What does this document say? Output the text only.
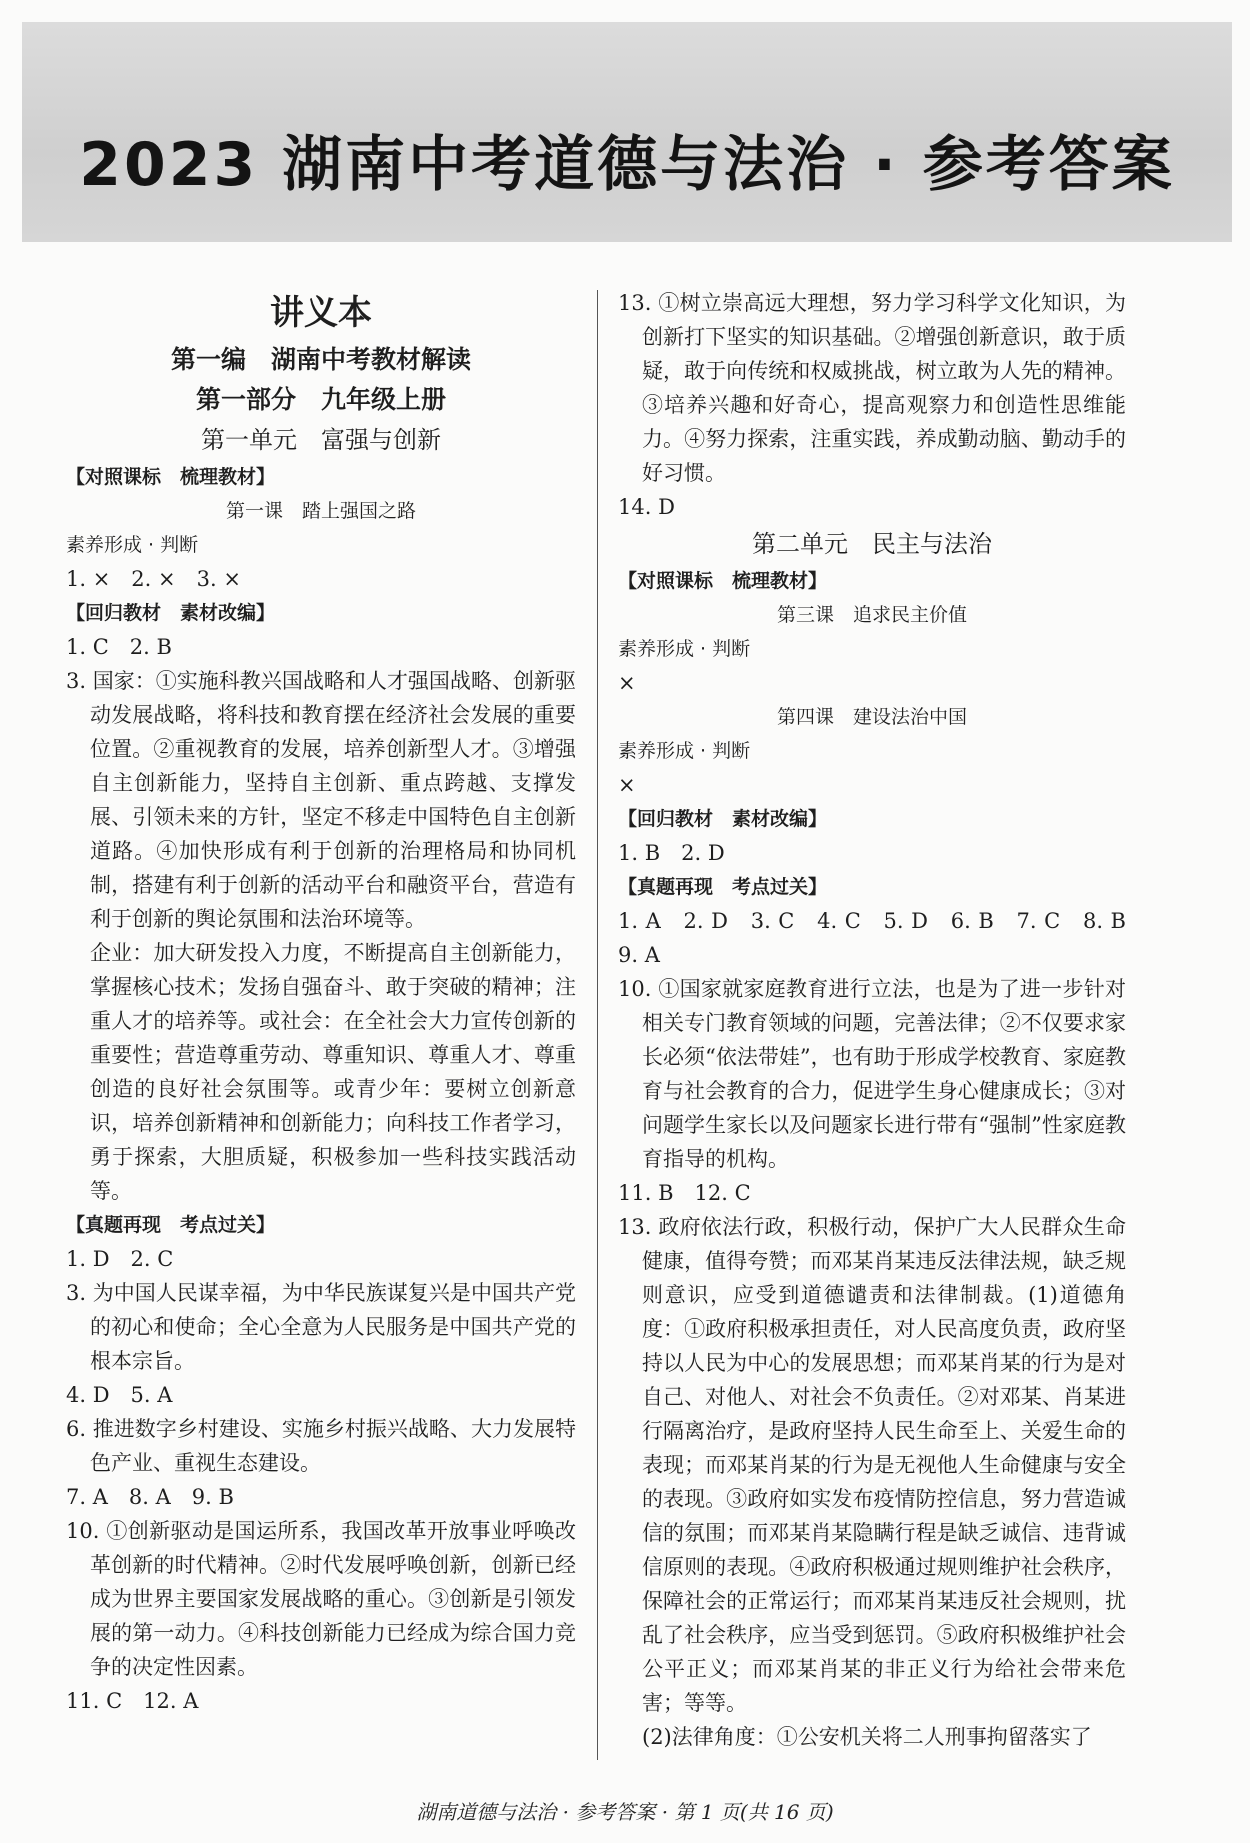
2023 湖南中考道德与法治 · 参考答案

讲义本

第一编　湖南中考教材解读

第一部分　九年级上册

第一单元　富强与创新

【对照课标　梳理教材】

第一课　踏上强国之路

素养形成 · 判断

1. ×　2. ×　3. ×

【回归教材　素材改编】

1. C　2. B

3. 国家：①实施科教兴国战略和人才强国战略、创新驱动发展战略，将科技和教育摆在经济社会发展的重要位置。②重视教育的发展，培养创新型人才。③增强自主创新能力，坚持自主创新、重点跨越、支撑发展、引领未来的方针，坚定不移走中国特色自主创新道路。④加快形成有利于创新的治理格局和协同机制，搭建有利于创新的活动平台和融资平台，营造有利于创新的舆论氛围和法治环境等。

企业：加大研发投入力度，不断提高自主创新能力，掌握核心技术；发扬自强奋斗、敢于突破的精神；注重人才的培养等。或社会：在全社会大力宣传创新的重要性；营造尊重劳动、尊重知识、尊重人才、尊重创造的良好社会氛围等。或青少年：要树立创新意识，培养创新精神和创新能力；向科技工作者学习，勇于探索，大胆质疑，积极参加一些科技实践活动等。

【真题再现　考点过关】

1. D　2. C

3. 为中国人民谋幸福，为中华民族谋复兴是中国共产党的初心和使命；全心全意为人民服务是中国共产党的根本宗旨。

4. D　5. A

6. 推进数字乡村建设、实施乡村振兴战略、大力发展特色产业、重视生态建设。

7. A　8. A　9. B

10. ①创新驱动是国运所系，我国改革开放事业呼唤改革创新的时代精神。②时代发展呼唤创新，创新已经成为世界主要国家发展战略的重心。③创新是引领发展的第一动力。④科技创新能力已经成为综合国力竞争的决定性因素。

11. C　12. A

13. ①树立崇高远大理想，努力学习科学文化知识，为创新打下坚实的知识基础。②增强创新意识，敢于质疑，敢于向传统和权威挑战，树立敢为人先的精神。③培养兴趣和好奇心，提高观察力和创造性思维能力。④努力探索，注重实践，养成勤动脑、勤动手的好习惯。

14. D

第二单元　民主与法治

【对照课标　梳理教材】

第三课　追求民主价值

素养形成 · 判断

×

第四课　建设法治中国

素养形成 · 判断

×

【回归教材　素材改编】

1. B　2. D

【真题再现　考点过关】

1. A　2. D　3. C　4. C　5. D　6. B　7. C　8. B　9. A

10. ①国家就家庭教育进行立法，也是为了进一步针对相关专门教育领域的问题，完善法律；②不仅要求家长必须“依法带娃”，也有助于形成学校教育、家庭教育与社会教育的合力，促进学生身心健康成长；③对问题学生家长以及问题家长进行带有“强制”性家庭教育指导的机构。

11. B　12. C

13. 政府依法行政，积极行动，保护广大人民群众生命健康，值得夸赞；而邓某肖某违反法律法规，缺乏规则意识，应受到道德谴责和法律制裁。(1)道德角度：①政府积极承担责任，对人民高度负责，政府坚持以人民为中心的发展思想；而邓某肖某的行为是对自己、对他人、对社会不负责任。②对邓某、肖某进行隔离治疗，是政府坚持人民生命至上、关爱生命的表现；而邓某肖某的行为是无视他人生命健康与安全的表现。③政府如实发布疫情防控信息，努力营造诚信的氛围；而邓某肖某隐瞒行程是缺乏诚信、违背诚信原则的表现。④政府积极通过规则维护社会秩序，保障社会的正常运行；而邓某肖某违反社会规则，扰乱了社会秩序，应当受到惩罚。⑤政府积极维护社会公平正义；而邓某肖某的非正义行为给社会带来危害；等等。

(2)法律角度：①公安机关将二人刑事拘留落实了

湖南道德与法治 · 参考答案 · 第 1 页(共 16 页)
